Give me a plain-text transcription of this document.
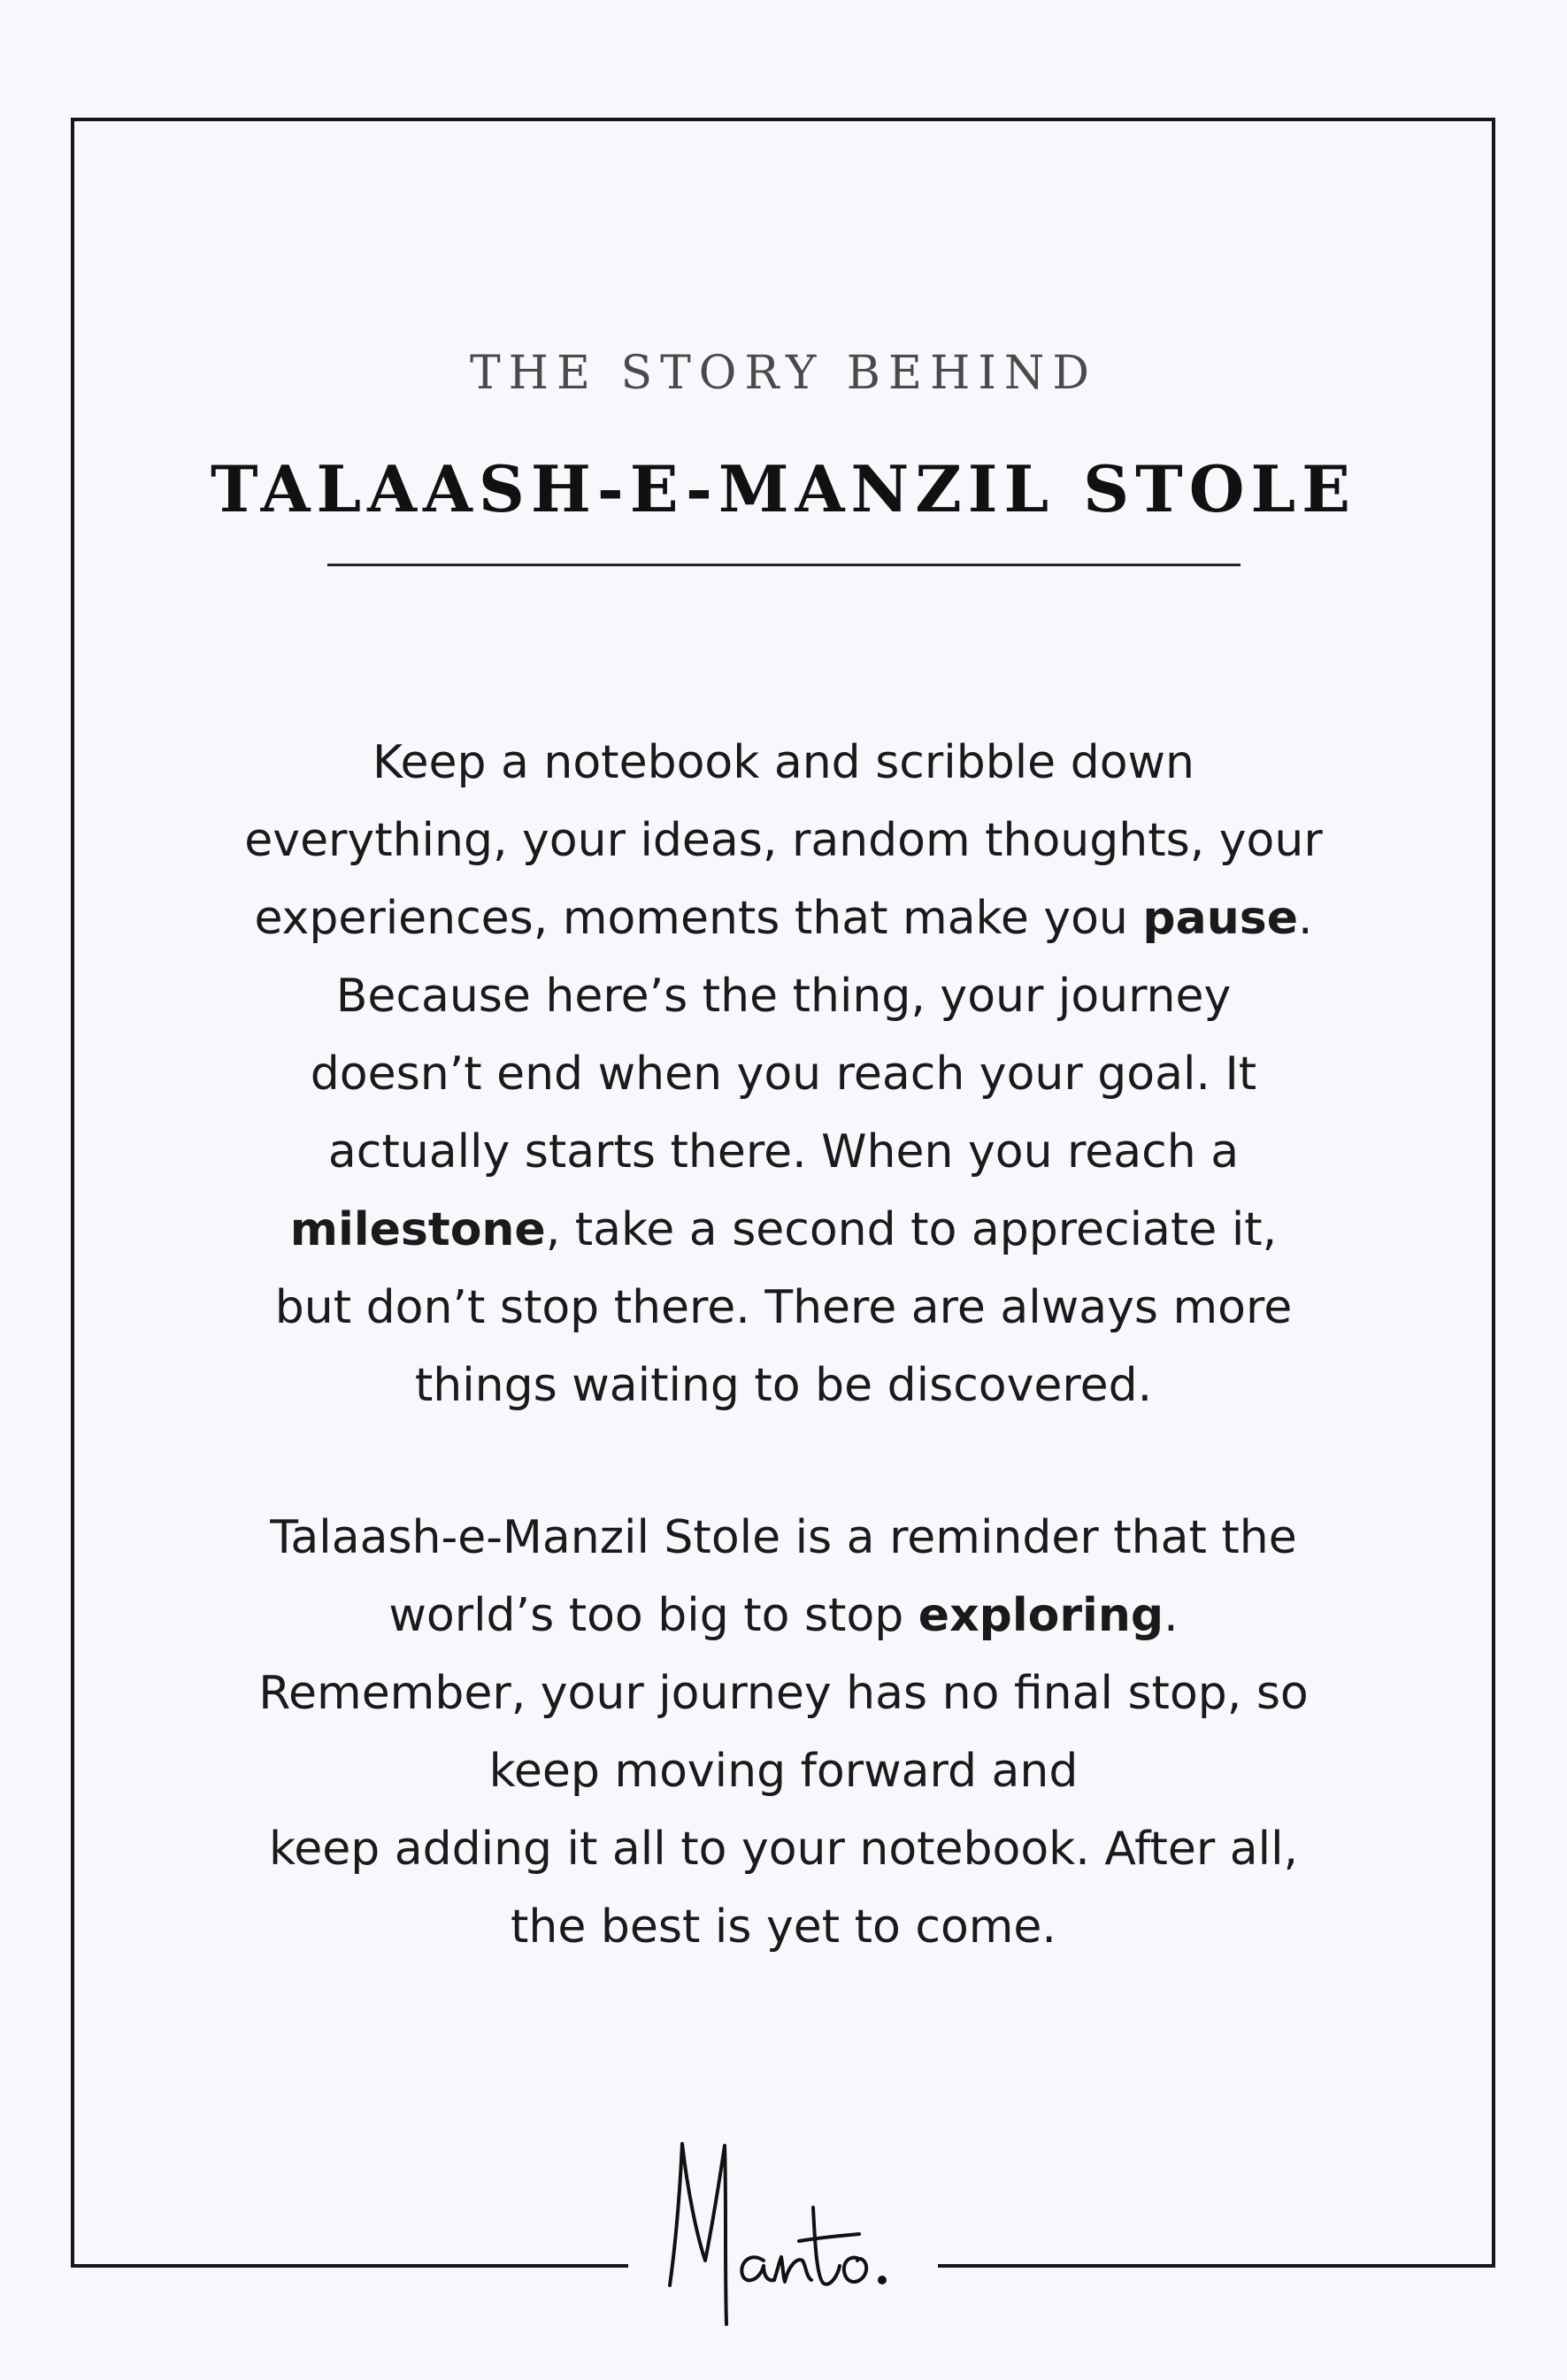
THE STORY BEHIND
TALAASH-E-MANZIL STOLE
Keep a notebook and scribble down
everything, your ideas, random thoughts, your
experiences, moments that make you pause.
Because here’s the thing, your journey
doesn’t end when you reach your goal. It
actually starts there. When you reach a
milestone, take a second to appreciate it,
but don’t stop there. There are always more
things waiting to be discovered.
Talaash-e-Manzil Stole is a reminder that the
world’s too big to stop exploring.
Remember, your journey has no final stop, so
keep moving forward and
keep adding it all to your notebook. After all,
the best is yet to come.
